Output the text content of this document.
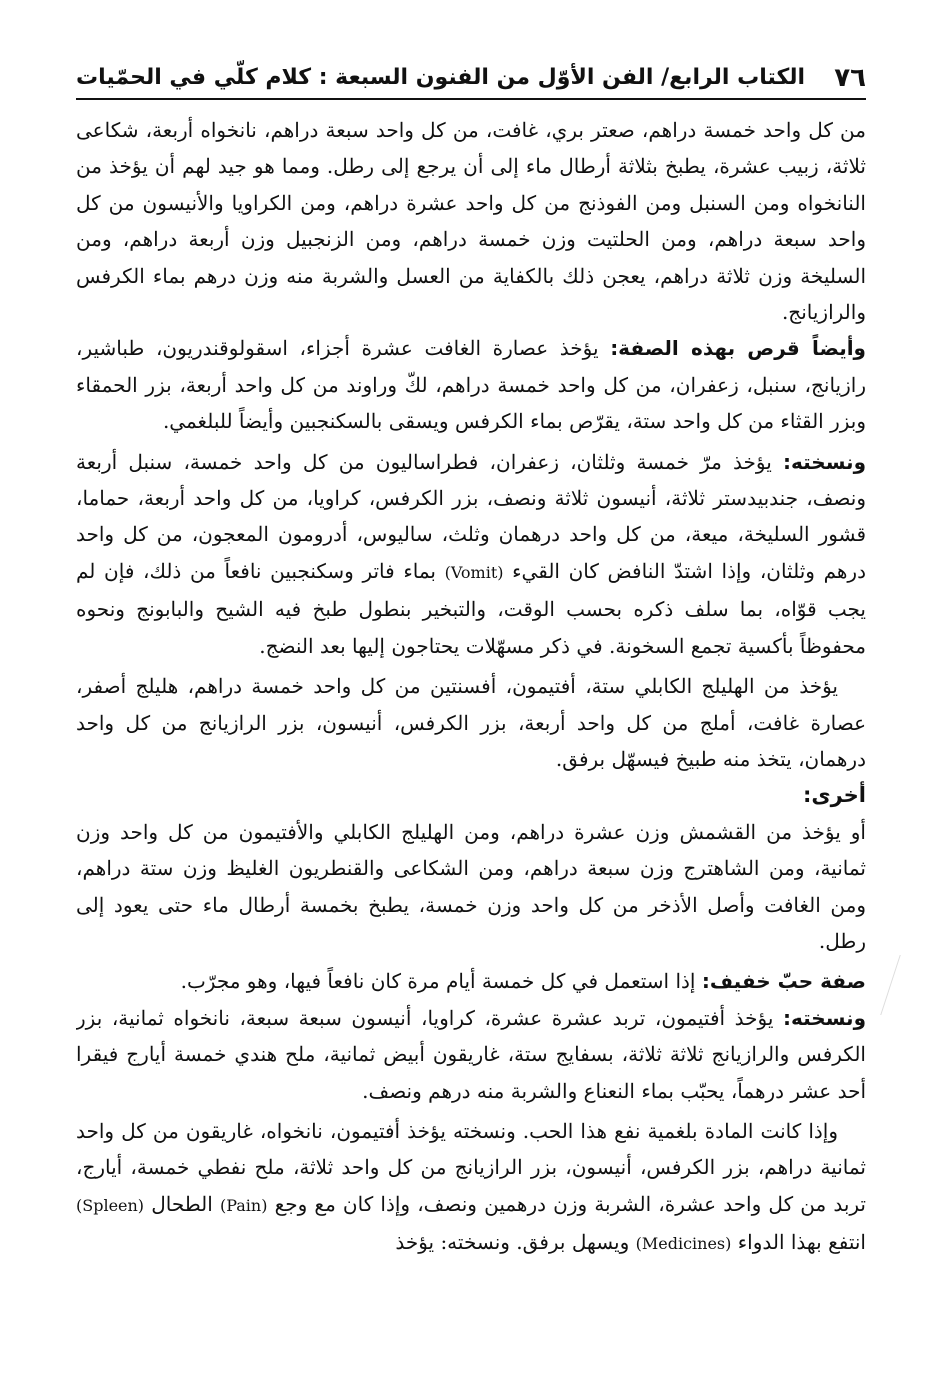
٧٦
الكتاب الرابع/ الفن الأوّل من الفنون السبعة : كلام كلّي في الحمّيات

من كل واحد خمسة دراهم، صعتر بري، غافت، من كل واحد سبعة دراهم، نانخواه أربعة، شكاعى ثلاثة، زبيب عشرة، يطبخ بثلاثة أرطال ماء إلى أن يرجع إلى رطل. ومما هو جيد لهم أن يؤخذ من النانخواه ومن السنبل ومن الفوذنج من كل واحد عشرة دراهم، ومن الكراويا والأنيسون من كل واحد سبعة دراهم، ومن الحلتيت وزن خمسة دراهم، ومن الزنجبيل وزن أربعة دراهم، ومن السليخة وزن ثلاثة دراهم، يعجن ذلك بالكفاية من العسل والشربة منه وزن درهم بماء الكرفس والرازيانج.

وأيضاً قرص بهذه الصفة: يؤخذ عصارة الغافت عشرة أجزاء، اسقولوقندريون، طباشير، رازيانج، سنبل، زعفران، من كل واحد خمسة دراهم، لكّ وراوند من كل واحد أربعة، بزر الحمقاء وبزر القثاء من كل واحد ستة، يقرّص بماء الكرفس ويسقى بالسكنجبين وأيضاً للبلغمي.

ونسخته: يؤخذ مرّ خمسة وثلثان، زعفران، فطراساليون من كل واحد خمسة، سنبل أربعة ونصف، جندبيدستر ثلاثة، أنيسون ثلاثة ونصف، بزر الكرفس، كراويا، من كل واحد أربعة، حماما، قشور السليخة، ميعة، من كل واحد درهمان وثلث، ساليوس، أدرومون المعجون، من كل واحد درهم وثلثان، وإذا اشتدّ النافض كان القيء (Vomit) بماء فاتر وسكنجبين نافعاً من ذلك، فإن لم يجب قوّاه، بما سلف ذكره بحسب الوقت، والتبخير بنطول طبخ فيه الشيح والبابونج ونحوه محفوظاً بأكسية تجمع السخونة. في ذكر مسهّلات يحتاجون إليها بعد النضج.

يؤخذ من الهليلج الكابلي ستة، أفتيمون، أفسنتين من كل واحد خمسة دراهم، هليلج أصفر، عصارة غافت، أملج من كل واحد أربعة، بزر الكرفس، أنيسون، بزر الرازيانج من كل واحد درهمان، يتخذ منه طبيخ فيسهّل برفق.

أخرى:

أو يؤخذ من القشمش وزن عشرة دراهم، ومن الهليلج الكابلي والأفتيمون من كل واحد وزن ثمانية، ومن الشاهترج وزن سبعة دراهم، ومن الشكاعى والقنطريون الغليظ وزن ستة دراهم، ومن الغافت وأصل الأذخر من كل واحد وزن خمسة، يطبخ بخمسة أرطال ماء حتى يعود إلى رطل.

صفة حبّ خفيف: إذا استعمل في كل خمسة أيام مرة كان نافعاً فيها، وهو مجرّب.

ونسخته: يؤخذ أفتيمون، تربد عشرة عشرة، كراويا، أنيسون سبعة سبعة، نانخواه ثمانية، بزر الكرفس والرازيانج ثلاثة ثلاثة، بسفايج ستة، غاريقون أبيض ثمانية، ملح هندي خمسة أيارج فيقرا أحد عشر درهماً، يحبّب بماء النعناع والشربة منه درهم ونصف.

وإذا كانت المادة بلغمية نفع هذا الحب. ونسخته يؤخذ أفتيمون، نانخواه، غاريقون من كل واحد ثمانية دراهم، بزر الكرفس، أنيسون، بزر الرازيانج من كل واحد ثلاثة، ملح نفطي خمسة، أيارج، تربد من كل واحد عشرة، الشربة وزن درهمين ونصف، وإذا كان مع وجع (Pain) الطحال (Spleen) انتفع بهذا الدواء (Medicines) ويسهل برفق. ونسخته: يؤخذ
